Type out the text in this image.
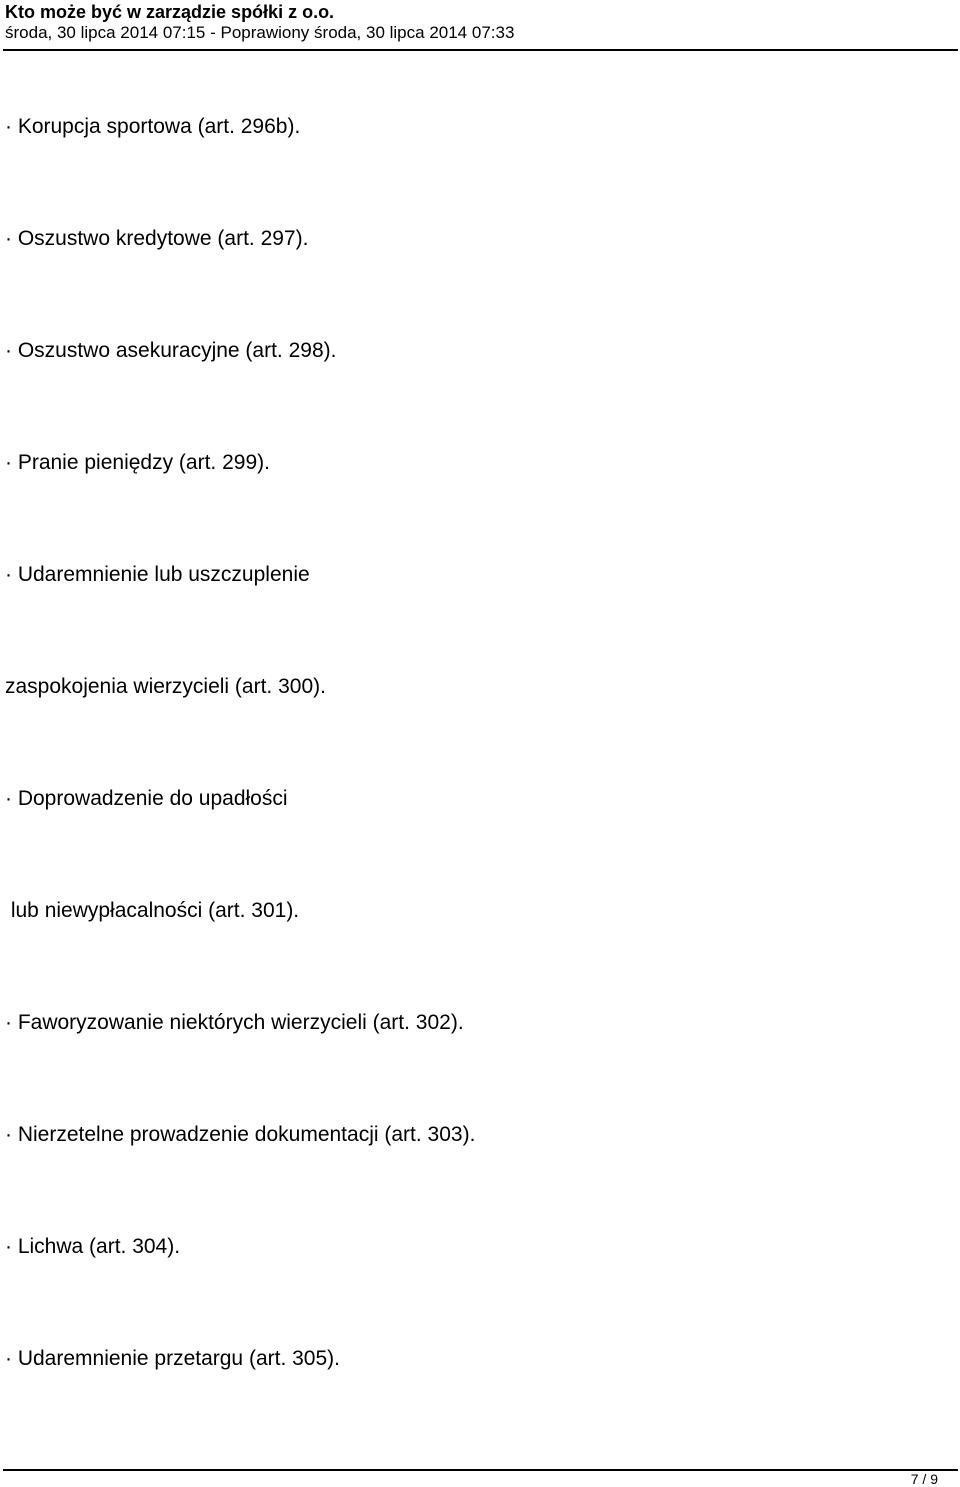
Kto może być w zarządzie spółki z o.o.
środa, 30 lipca 2014 07:15 - Poprawiony środa, 30 lipca 2014 07:33
· Korupcja sportowa (art. 296b).
· Oszustwo kredytowe (art. 297).
· Oszustwo asekuracyjne (art. 298).
· Pranie pieniędzy (art. 299).
· Udaremnienie lub uszczuplenie
zaspokojenia wierzycieli (art. 300).
· Doprowadzenie do upadłości
lub niewypłacalności (art. 301).
· Faworyzowanie niektórych wierzycieli (art. 302).
· Nierzetelne prowadzenie dokumentacji (art. 303).
· Lichwa (art. 304).
· Udaremnienie przetargu (art. 305).
7 / 9
